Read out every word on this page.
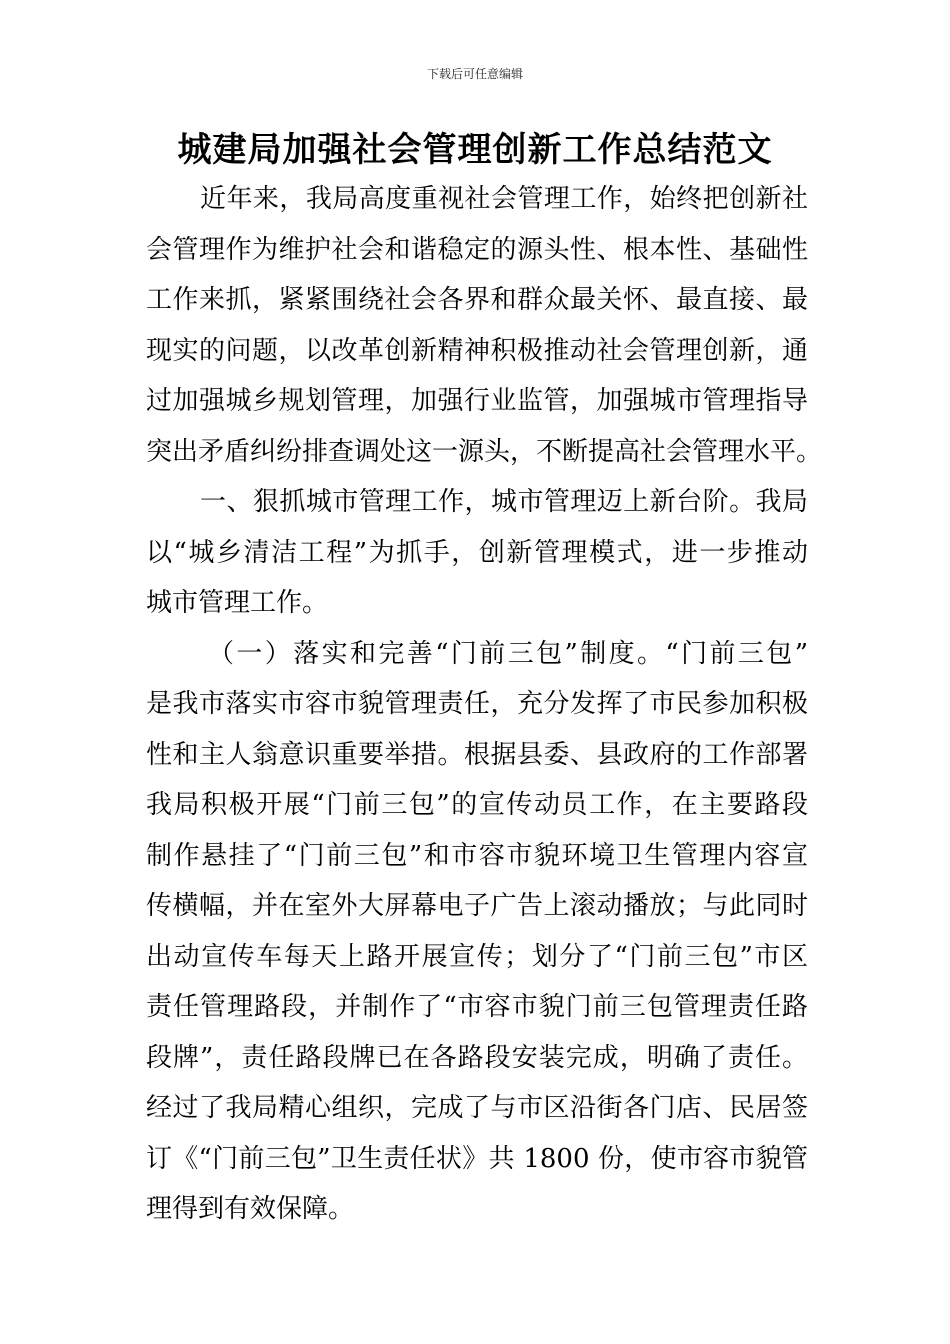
下载后可任意编辑
城建局加强社会管理创新工作总结范文
近年来，我局高度重视社会管理工作，始终把创新社
会管理作为维护社会和谐稳定的源头性、根本性、基础性
工作来抓，紧紧围绕社会各界和群众最关怀、最直接、最
现实的问题，以改革创新精神积极推动社会管理创新，通
过加强城乡规划管理，加强行业监管，加强城市管理指导
突出矛盾纠纷排查调处这一源头，不断提高社会管理水平。
一、狠抓城市管理工作，城市管理迈上新台阶。我局
以“城乡清洁工程”为抓手，创新管理模式，进一步推动
城市管理工作。
（一）落实和完善“门前三包”制度。“门前三包”
是我市落实市容市貌管理责任，充分发挥了市民参加积极
性和主人翁意识重要举措。根据县委、县政府的工作部署
我局积极开展“门前三包”的宣传动员工作，在主要路段
制作悬挂了“门前三包”和市容市貌环境卫生管理内容宣
传横幅，并在室外大屏幕电子广告上滚动播放；与此同时
出动宣传车每天上路开展宣传；划分了“门前三包”市区
责任管理路段，并制作了“市容市貌门前三包管理责任路
段牌”，责任路段牌已在各路段安装完成，明确了责任。
经过了我局精心组织，完成了与市区沿街各门店、民居签
订《“门前三包”卫生责任状》共 1800 份，使市容市貌管
理得到有效保障。
